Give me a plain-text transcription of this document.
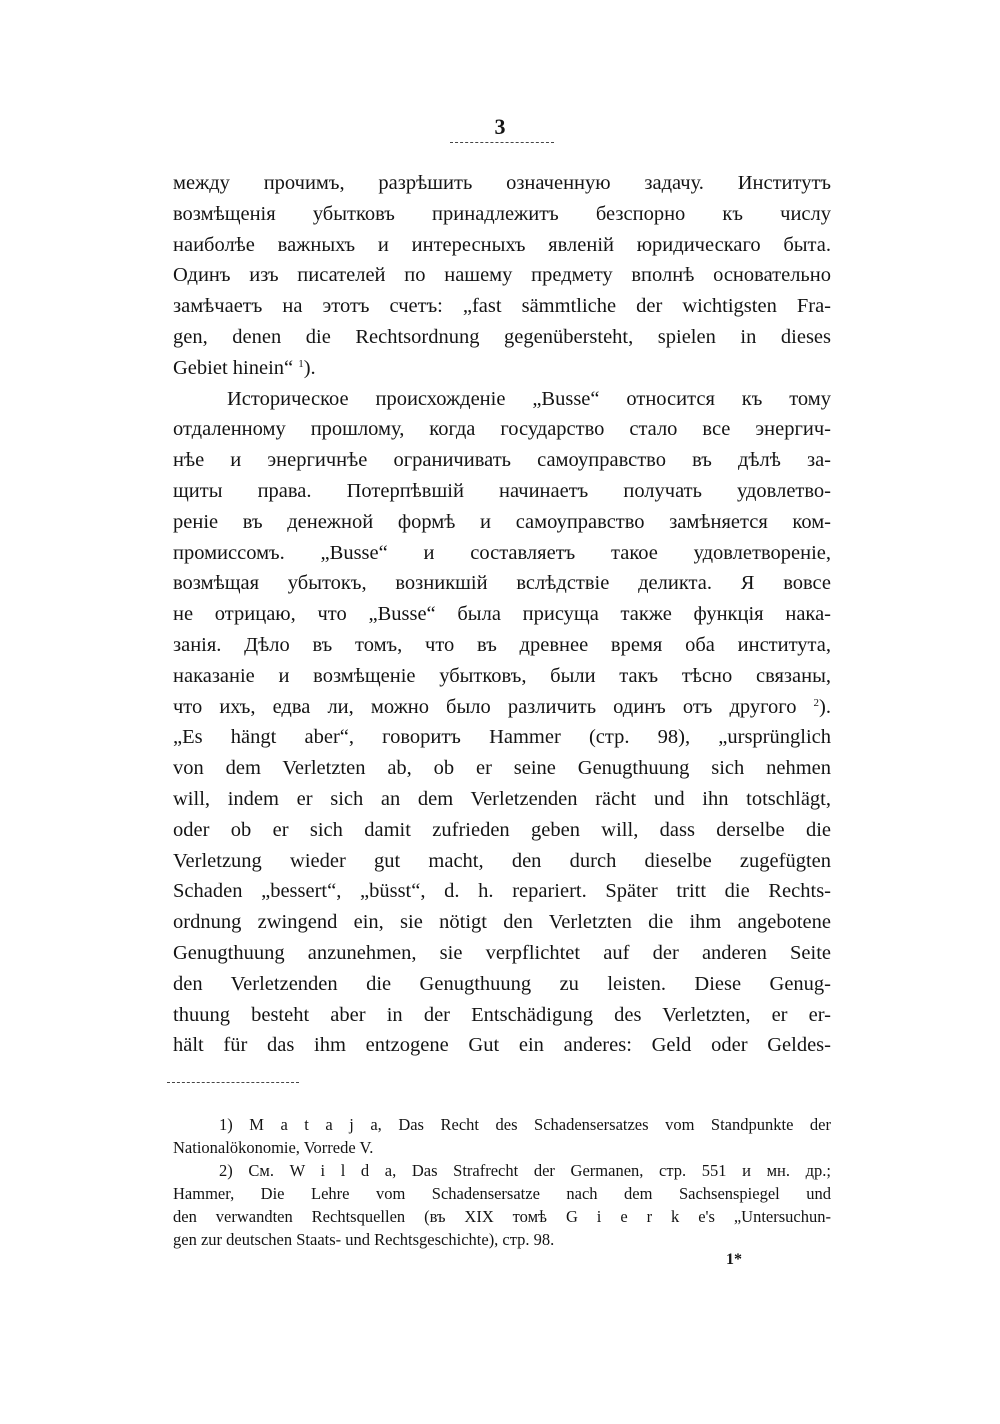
3
между прочимъ, разрѣшить означенную задачу. Институтъ
возмѣщенія убытковъ принадлежитъ безспорно къ числу
наиболѣе важныхъ и интересныхъ явленій юридическаго быта.
Одинъ изъ писателей по нашему предмету вполнѣ основательно
замѣчаетъ на этотъ счетъ: „fast sämmtliche der wichtigsten Fra-
gen, denen die Rechtsordnung gegenübersteht, spielen in dieses
Gebiet hinein“ $^1$).
Историческое происхожденіе „Busse“ относится къ тому
отдаленному прошлому, когда государство стало все энергич-
нѣе и энергичнѣе ограничивать самоуправство въ дѣлѣ за-
щиты права. Потерпѣвшій начинаетъ получать удовлетво-
реніе въ денежной формѣ и самоуправство замѣняется ком-
промиссомъ. „Busse“ и составляетъ такое удовлетвореніе,
возмѣщая убытокъ, возникшій вслѣдствіе деликта. Я вовсе
не отрицаю, что „Busse“ была присуща также функція нака-
занія. Дѣло въ томъ, что въ древнее время оба института,
наказаніе и возмѣщеніе убытковъ, были такъ тѣсно связаны,
что ихъ, едва ли, можно было различить одинъ отъ другого $^2$).
„Es hängt aber“, говоритъ Hammer (стр. 98), „ursprünglich
von dem Verletzten ab, ob er seine Genugthuung sich nehmen
will, indem er sich an dem Verletzenden rächt und ihn totschlägt,
oder ob er sich damit zufrieden geben will, dass derselbe die
Verletzung wieder gut macht, den durch dieselbe zugefügten
Schaden „bessert“, „büsst“, d. h. repariert. Später tritt die Rechts-
ordnung zwingend ein, sie nötigt den Verletzten die ihm angebotene
Genugthuung anzunehmen, sie verpflichtet auf der anderen Seite
den Verletzenden die Genugthuung zu leisten. Diese Genug-
thuung besteht aber in der Entschädigung des Verletzten, er er-
hält für das ihm entzogene Gut ein anderes: Geld oder Geldes-
1) M a t a j a, Das Recht des Schadensersatzes vom Standpunkte der
Nationalökonomie, Vorrede V.
2) См. W i l d a, Das Strafrecht der Germanen, стр. 551 и мн. др.;
Hammer, Die Lehre vom Schadensersatze nach dem Sachsenspiegel und
den verwandten Rechtsquellen (въ XIX томѣ G i e r k e's „Untersuchun-
gen zur deutschen Staats- und Rechtsgeschichte), стр. 98.
1*
